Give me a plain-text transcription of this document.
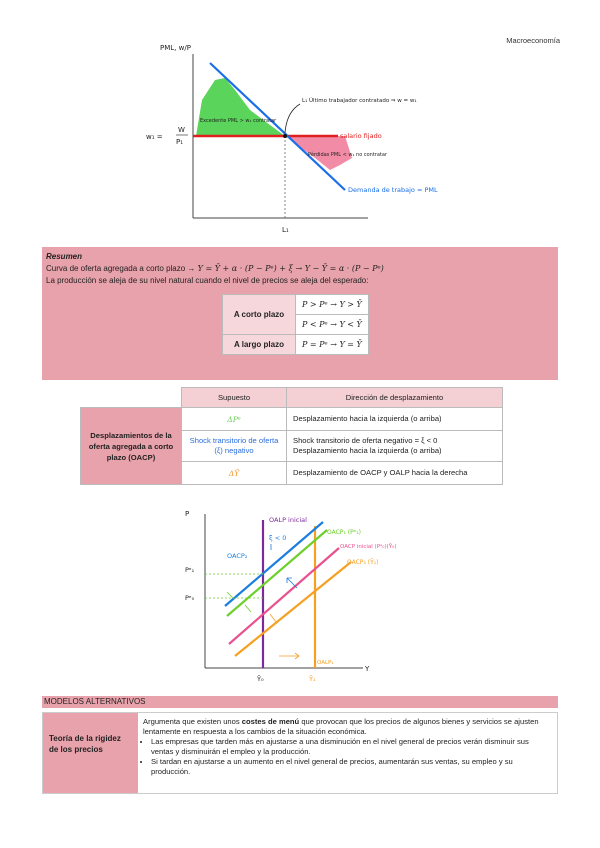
Macroeconomía
PML, w/P
w₁ =
W
P₁
L₁
L₁ Último trabajador contratado ⇒ w = w₁
salario fijado
Excedente PML > w₁ contratar
Pérdidas PML < w₁ no contratar
Demanda de trabajo = PML
Resumen
Curva de oferta agregada a corto plazo → Y = Ȳ + α · (P − Pᵉ) + ξ → Y − Ȳ = α · (P − Pᵉ)
La producción se aleja de su nivel natural cuando el nivel de precios se aleja del esperado:
A corto plazo	P > Pᵉ → Y > Ȳ
	P < Pᵉ → Y < Ȳ
A largo plazo	P = Pᵉ → Y = Ȳ
	Supuesto	Dirección de desplazamiento
Desplazamientos de la oferta agregada a corto plazo (OACP)	ΔPᵉ	Desplazamiento hacia la izquierda (o arriba)
	Shock transitorio de oferta (ξ) negativo	Shock transitorio de oferta negativo = ξ < 0
Desplazamiento hacia la izquierda (o arriba)

	ΔȲ	Desplazamiento de OACP y OALP hacia la derecha
P
Y
OALP inicial
OALP₁
OACP₂
OACP₁ (Pᵉ₁)
OACP inicial (Pᵉ₀)(Ȳ₀)
OACP₃ (Ȳ₁)
ξ < 0
Pᵉ₁
Pᵉ₀
Ȳ₀	Ȳ₁
MODELOS ALTERNATIVOS
Teoría de la rigidez de los precios
Argumenta que existen unos costes de menú que provocan que los precios de algunos bienes y servicios se ajusten lentamente en respuesta a los cambios de la situación económica.
• Las empresas que tarden más en ajustarse a una disminución en el nivel general de precios verán disminuir sus ventas y disminuirán el empleo y la producción.
• Si tardan en ajustarse a un aumento en el nivel general de precios, aumentarán sus ventas, su empleo y su producción.
